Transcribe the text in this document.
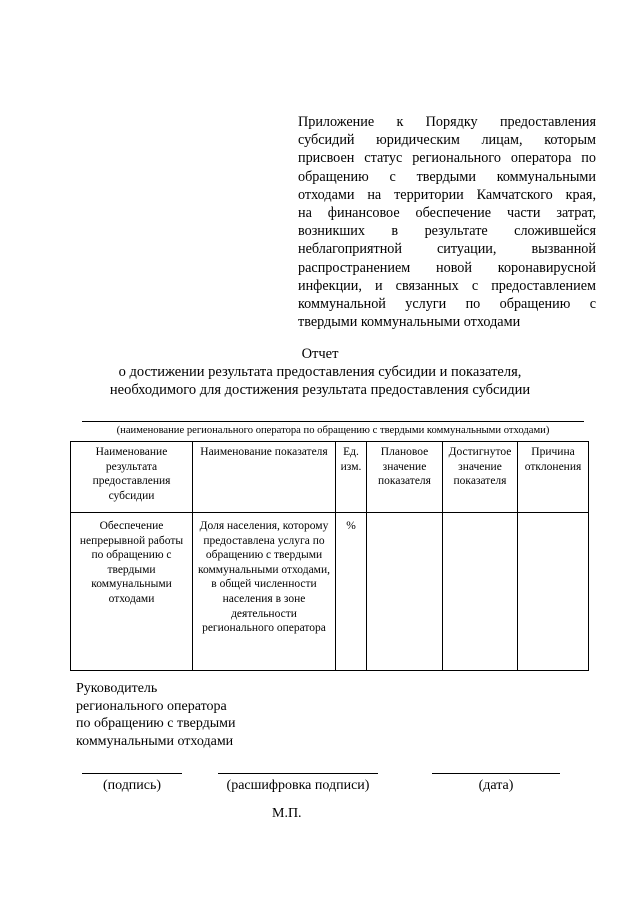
Приложение к Порядку предоставления
субсидий юридическим лицам, которым
присвоен статус регионального оператора по
обращению с твердыми коммунальными
отходами на территории Камчатского края,
на финансовое обеспечение части затрат,
возникших в результате сложившейся
неблагоприятной ситуации, вызванной
распространением новой коронавирусной
инфекции, и связанных с предоставлением
коммунальной услуги по обращению с
твердыми коммунальными отходами
Отчет
о достижении результата предоставления субсидии и показателя,
необходимого для достижения результата предоставления субсидии
(наименование регионального оператора по обращению с твердыми коммунальными отходами)
Наименование результата предоставления субсидии	Наименование показателя	Ед. изм.	Плановое значение показателя	Достигнутое значение показателя	Причина отклонения
Обеспечение непрерывной работы по обращению с твердыми коммунальными отходами	Доля населения, которому предоставлена услуга по обращению с твердыми коммунальными отходами, в общей численности населения в зоне деятельности регионального оператора	%			
Руководитель
регионального оператора
по обращению с твердыми
коммунальными отходами
(подпись)	(расшифровка подписи)	(дата)
М.П.
